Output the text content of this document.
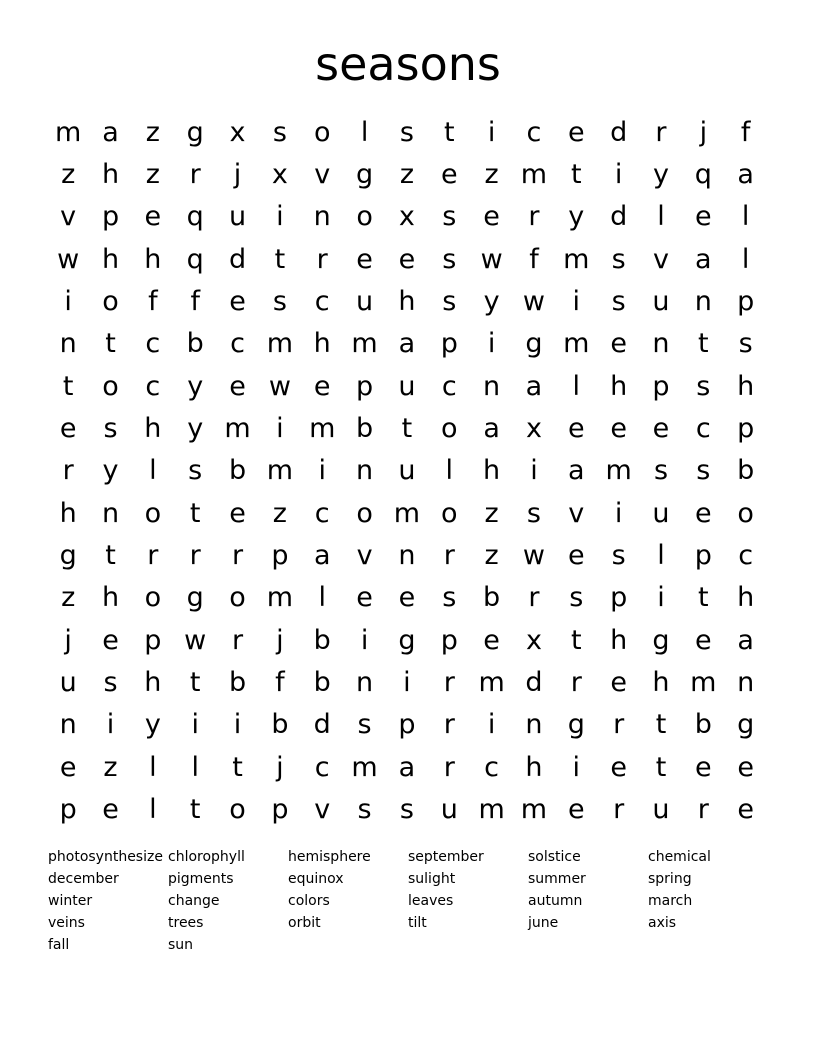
seasons
m a z g x	s	o	l	s	t	i	c e d	r	j	f
z h z	r	j	x v g z e z m t	i	y q a
v p e q u	i	n o x	s	e	r	y d	l	e	l
w h h q d	t	r	e e s w f m s	v a	l
i	o	f	f	e s	c u h s	y w	i	s u n p
n	t	c b c m h m a p	i	g m e n	t	s
t	o c y e w e p u c n a	l	h p s h
e s h y m i m b	t	o a x e e e c p
r	y	l	s b m i	n u	l	h	i	a m s	s b
h n o	t	e z	c o m o z	s	v	i	u e o
g	t	r	r	r	p a v n	r	z w e s	l	p c
z h o g o m l	e e s b	r	s p	i	t	h
j	e p w r	j	b	i	g p e x	t	h g e a
u s h	t	b	f	b n	i	r m d	r	e h m n
n	i	y	i	i	b d s p	r	i	n g	r	t	b g
e z	l	l	t	j	c m a	r	c h	i	e	t	e e
p e	l	t	o p v	s	s u m m e	r	u	r	e
photosynthesize chlorophyll	hemisphere	september	solstice	chemical
december	pigments	equinox	sulight	summer	spring
winter	change	colors	leaves	autumn	march
veins	trees	orbit	tilt	june	axis
fall	sun
